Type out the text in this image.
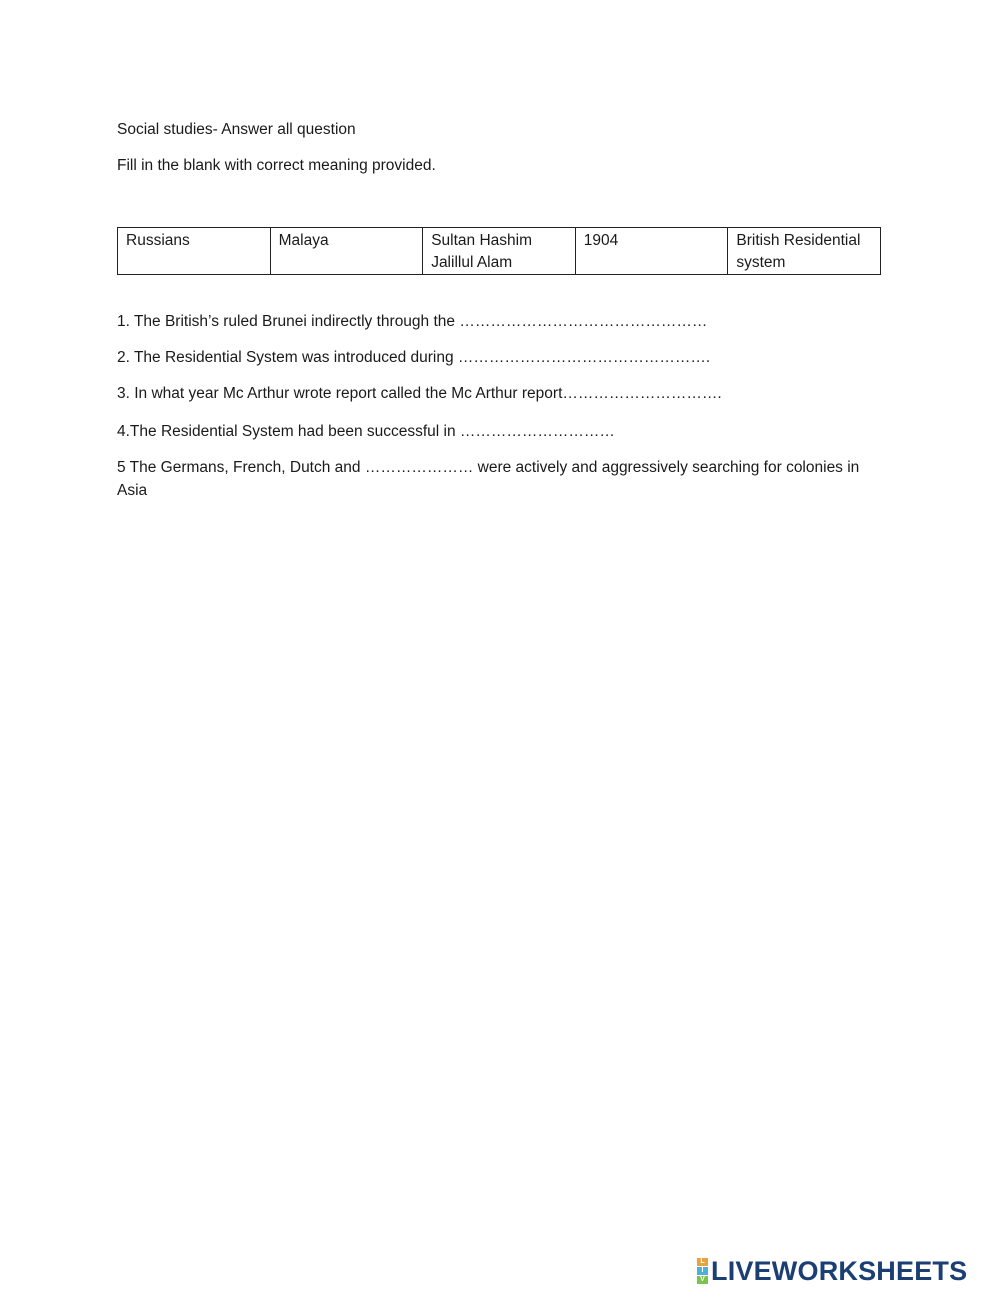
Social studies- Answer all question
Fill in the blank with correct meaning provided.
Russians	Malaya	Sultan Hashim Jalillul Alam	1904	British Residential system
1. The British’s ruled Brunei indirectly through the …………………………………………
2. The Residential System was introduced during ………………………………………….
3. In what year Mc Arthur wrote report called the Mc Arthur report………………………….
4.The Residential System had been successful in …………………………
5 The Germans, French, Dutch and ………………… were actively and aggressively searching for colonies in Asia
L
I
V LIVEWORKSHEETS
